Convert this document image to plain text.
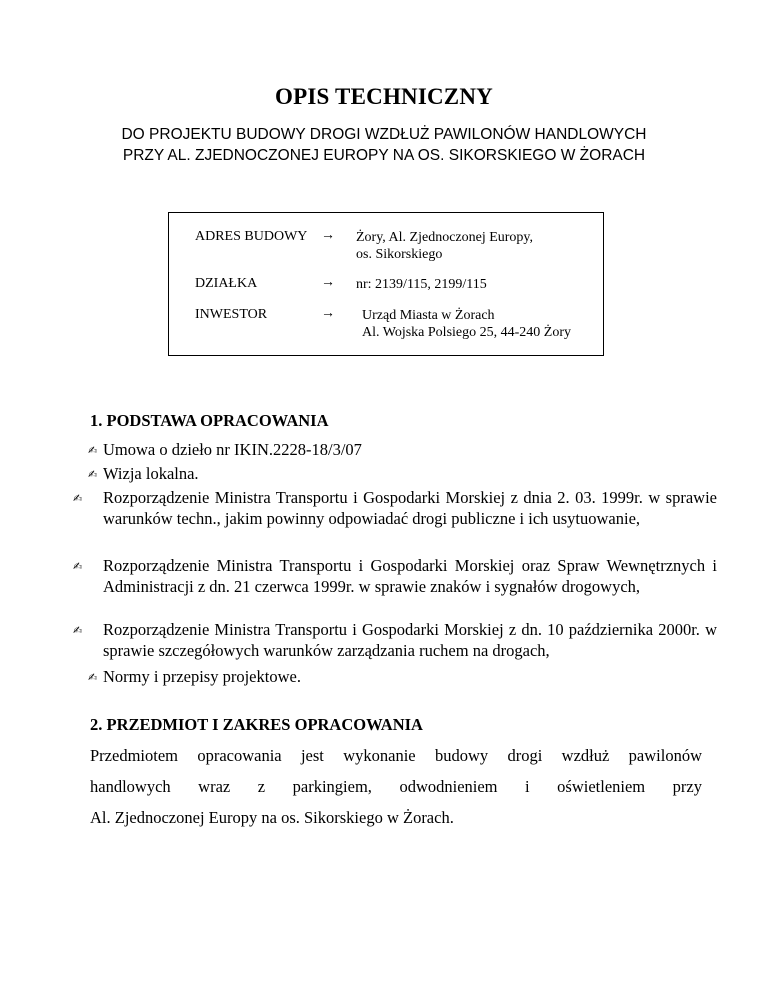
OPIS TECHNICZNY
DO PROJEKTU BUDOWY DROGI WZDŁUŻ PAWILONÓW HANDLOWYCH
PRZY AL. ZJEDNOCZONEJ EUROPY NA OS. SIKORSKIEGO W ŻORACH
ADRES BUDOWY → Żory, Al. Zjednoczonej Europy,
os. Sikorskiego
DZIAŁKA	→ nr: 2139/115, 2199/115
INWESTOR	→ Urząd Miasta w Żorach
Al. Wojska Polsiego 25, 44-240 Żory
1. PODSTAWA OPRACOWANIA
✍ Umowa o dzieło nr IKIN.2228-18/3/07
✍ Wizja lokalna.
✍ Rozporządzenie Ministra Transportu i Gospodarki Morskiej z dnia 2. 03. 1999r. w sprawie warunków techn., jakim powinny odpowiadać drogi publiczne i ich usytuowanie,
✍ Rozporządzenie Ministra Transportu i Gospodarki Morskiej oraz Spraw Wewnętrznych i Administracji z dn. 21 czerwca 1999r. w sprawie znaków i sygnałów drogowych,
✍ Rozporządzenie Ministra Transportu i Gospodarki Morskiej z dn. 10 października 2000r. w sprawie szczegółowych warunków zarządzania ruchem na drogach,
✍ Normy i przepisy projektowe.
2. PRZEDMIOT I ZAKRES OPRACOWANIA
Przedmiotem opracowania jest wykonanie budowy drogi wzdłuż pawilonów
handlowych wraz z parkingiem, odwodnieniem i oświetleniem przy
Al. Zjednoczonej Europy na os. Sikorskiego w Żorach.
